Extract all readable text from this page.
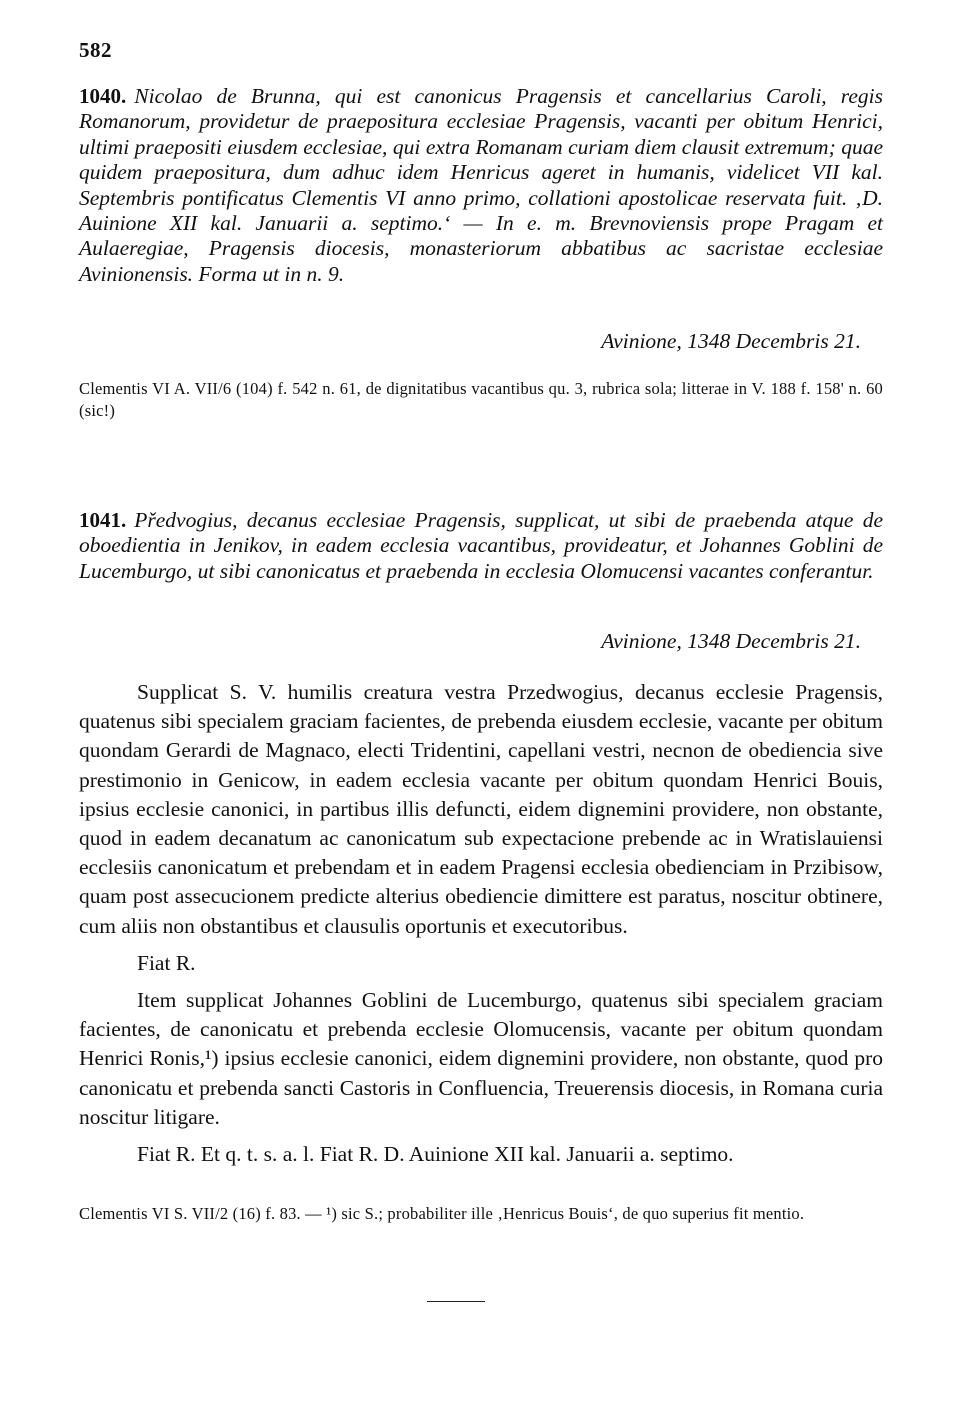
582

1040. Nicolao de Brunna, qui est canonicus Pragensis et cancellarius Caroli, regis Romanorum, providetur de praepositura ecclesiae Pragensis, vacanti per obitum Henrici, ultimi praepositi eiusdem ecclesiae, qui extra Romanam curiam diem clausit extremum; quae quidem praepositura, dum adhuc idem Henricus ageret in humanis, videlicet VII kal. Septembris pontificatus Clementis VI anno primo, collationi apostolicae reservata fuit. ‚D. Auinione XII kal. Januarii a. septimo.‘ — In e. m. Brevnoviensis prope Pragam et Aulaeregiae, Pragensis diocesis, monasteriorum abbatibus ac sacristae ecclesiae Avinionensis. Forma ut in n. 9.

Avinione, 1348 Decembris 21.

Clementis VI A. VII/6 (104) f. 542 n. 61, de dignitatibus vacantibus qu. 3, rubrica sola; litterae in V. 188 f. 158' n. 60 (sic!)

1041. Předvogius, decanus ecclesiae Pragensis, supplicat, ut sibi de praebenda atque de oboedientia in Jenikov, in eadem ecclesia vacantibus, provideatur, et Johannes Goblini de Lucemburgo, ut sibi canonicatus et praebenda in ecclesia Olomucensi vacantes conferantur.

Avinione, 1348 Decembris 21.

Supplicat S. V. humilis creatura vestra Przedwogius, decanus ecclesie Pragensis, quatenus sibi specialem graciam facientes, de prebenda eiusdem ecclesie, vacante per obitum quondam Gerardi de Magnaco, electi Tridentini, capellani vestri, necnon de obediencia sive prestimonio in Genicow, in eadem ecclesia vacante per obitum quondam Henrici Bouis, ipsius ecclesie canonici, in partibus illis defuncti, eidem dignemini providere, non obstante, quod in eadem decanatum ac canonicatum sub expectacione prebende ac in Wratislauiensi ecclesiis canonicatum et prebendam et in eadem Pragensi ecclesia obedienciam in Przibisow, quam post assecucionem predicte alterius obediencie dimittere est paratus, noscitur obtinere, cum aliis non obstantibus et clausulis oportunis et executoribus.

Fiat R.

Item supplicat Johannes Goblini de Lucemburgo, quatenus sibi specialem graciam facientes, de canonicatu et prebenda ecclesie Olomucensis, vacante per obitum quondam Henrici Ronis,¹) ipsius ecclesie canonici, eidem dignemini providere, non obstante, quod pro canonicatu et prebenda sancti Castoris in Confluencia, Treuerensis diocesis, in Romana curia noscitur litigare.

Fiat R. Et q. t. s. a. l. Fiat R. D. Auinione XII kal. Januarii a. septimo.

Clementis VI S. VII/2 (16) f. 83. — ¹) sic S.; probabiliter ille ‚Henricus Bouis‘, de quo superius fit mentio.
